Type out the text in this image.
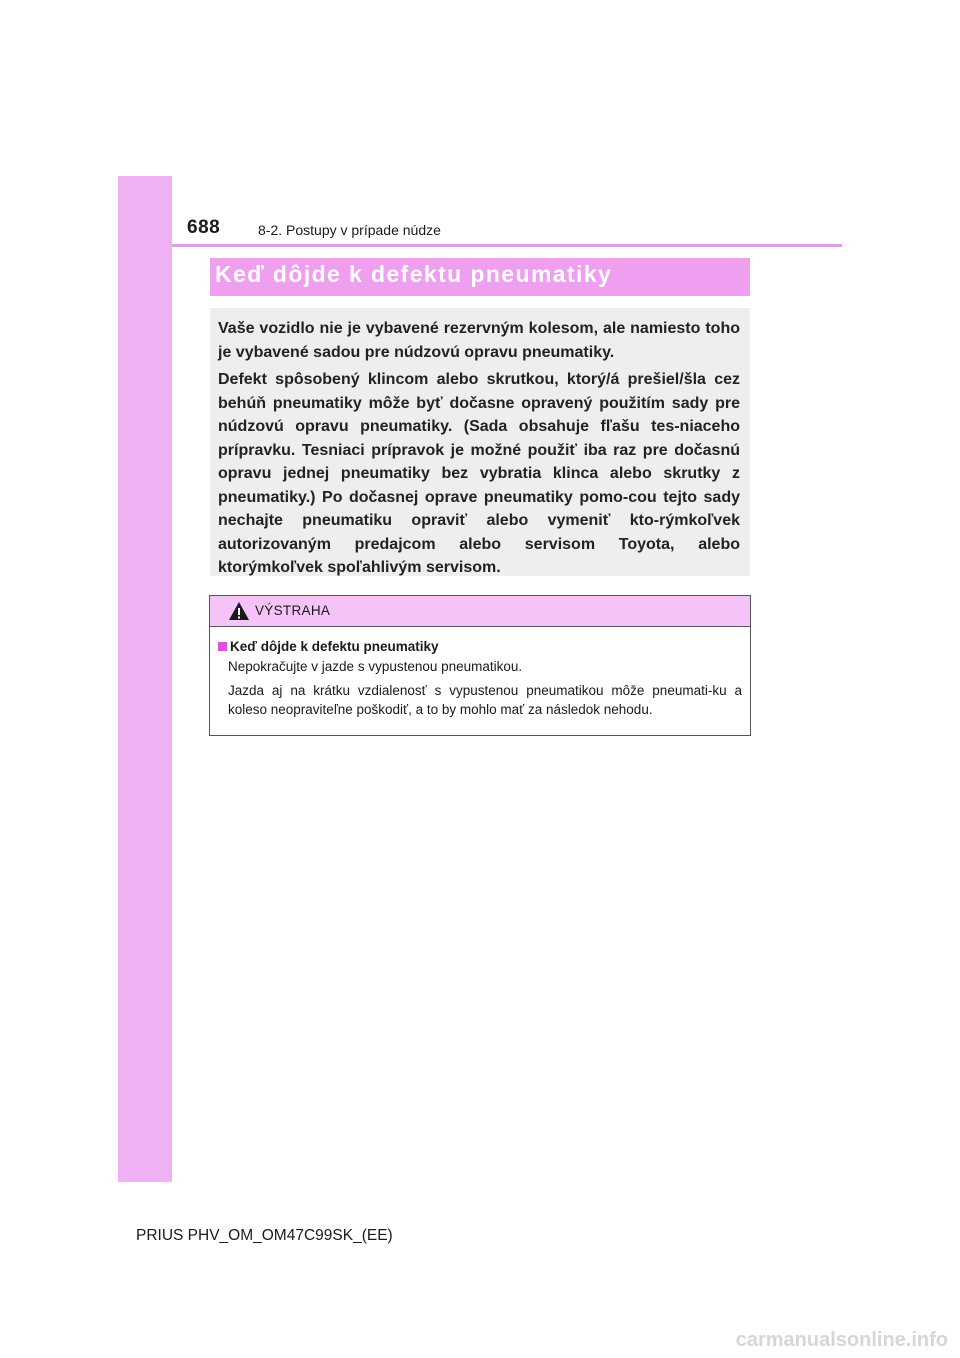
688	8-2. Postupy v prípade núdze
Keď dôjde k defektu pneumatiky

Vaše vozidlo nie je vybavené rezervným kolesom, ale namiesto toho je vybavené sadou pre núdzovú opravu pneumatiky.

Defekt spôsobený klincom alebo skrutkou, ktorý/á prešiel/šla cez behúň pneumatiky môže byť dočasne opravený použitím sady pre núdzovú opravu pneumatiky. (Sada obsahuje fľašu tes-niaceho prípravku. Tesniaci prípravok je možné použiť iba raz pre dočasnú opravu jednej pneumatiky bez vybratia klinca alebo skrutky z pneumatiky.) Po dočasnej oprave pneumatiky pomo-cou tejto sady nechajte pneumatiku opraviť alebo vymeniť kto-rýmkoľvek autorizovaným predajcom alebo servisom Toyota, alebo ktorýmkoľvek spoľahlivým servisom.

VÝSTRAHA
Keď dôjde k defektu pneumatiky

Nepokračujte v jazde s vypustenou pneumatikou.

Jazda aj na krátku vzdialenosť s vypustenou pneumatikou môže pneumati-ku a koleso neopraviteľne poškodiť, a to by mohlo mať za následok nehodu.

PRIUS PHV_OM_OM47C99SK_(EE)
carmanualsonline.info
